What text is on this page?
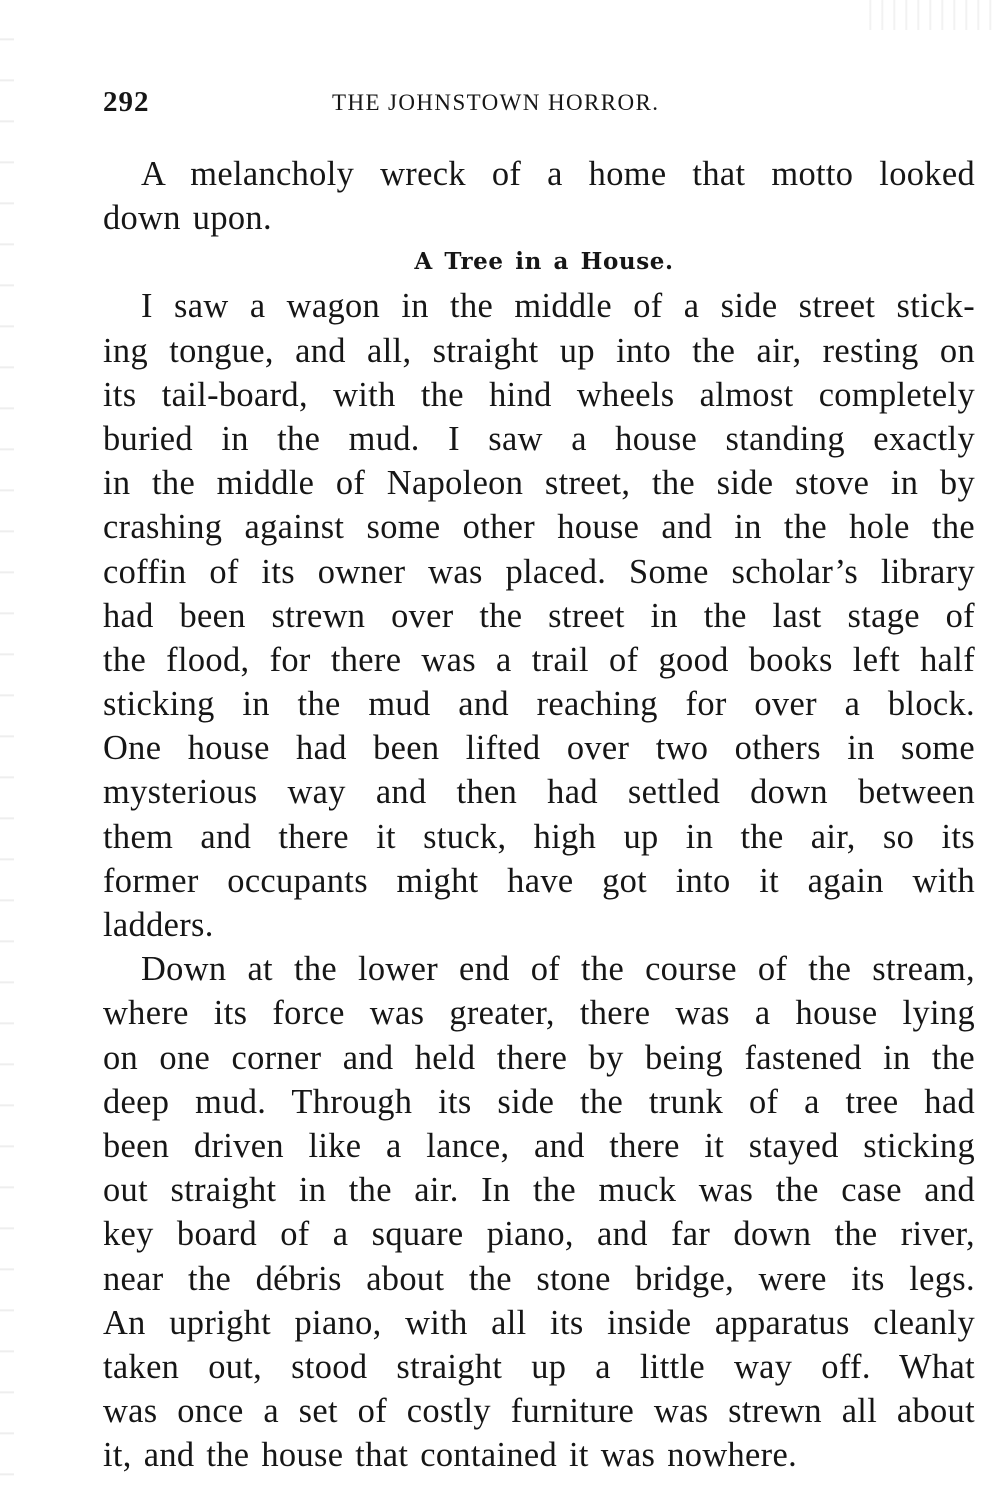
292	THE JOHNSTOWN HORROR.
A melancholy wreck of a home that motto looked
down upon.
A Tree in a House.
I saw a wagon in the middle of a side street stick-
ing tongue, and all, straight up into the air, resting on
its tail-board, with the hind wheels almost completely
buried in the mud. I saw a house standing exactly
in the middle of Napoleon street, the side stove in by
crashing against some other house and in the hole the
coffin of its owner was placed. Some scholar’s library
had been strewn over the street in the last stage of
the flood, for there was a trail of good books left half
sticking in the mud and reaching for over a block.
One house had been lifted over two others in some
mysterious way and then had settled down between
them and there it stuck, high up in the air, so its
former occupants might have got into it again with
ladders.
Down at the lower end of the course of the stream,
where its force was greater, there was a house lying
on one corner and held there by being fastened in the
deep mud. Through its side the trunk of a tree had
been driven like a lance, and there it stayed sticking
out straight in the air. In the muck was the case and
key board of a square piano, and far down the river,
near the débris about the stone bridge, were its legs.
An upright piano, with all its inside apparatus cleanly
taken out, stood straight up a little way off. What
was once a set of costly furniture was strewn all about
it, and the house that contained it was nowhere.
